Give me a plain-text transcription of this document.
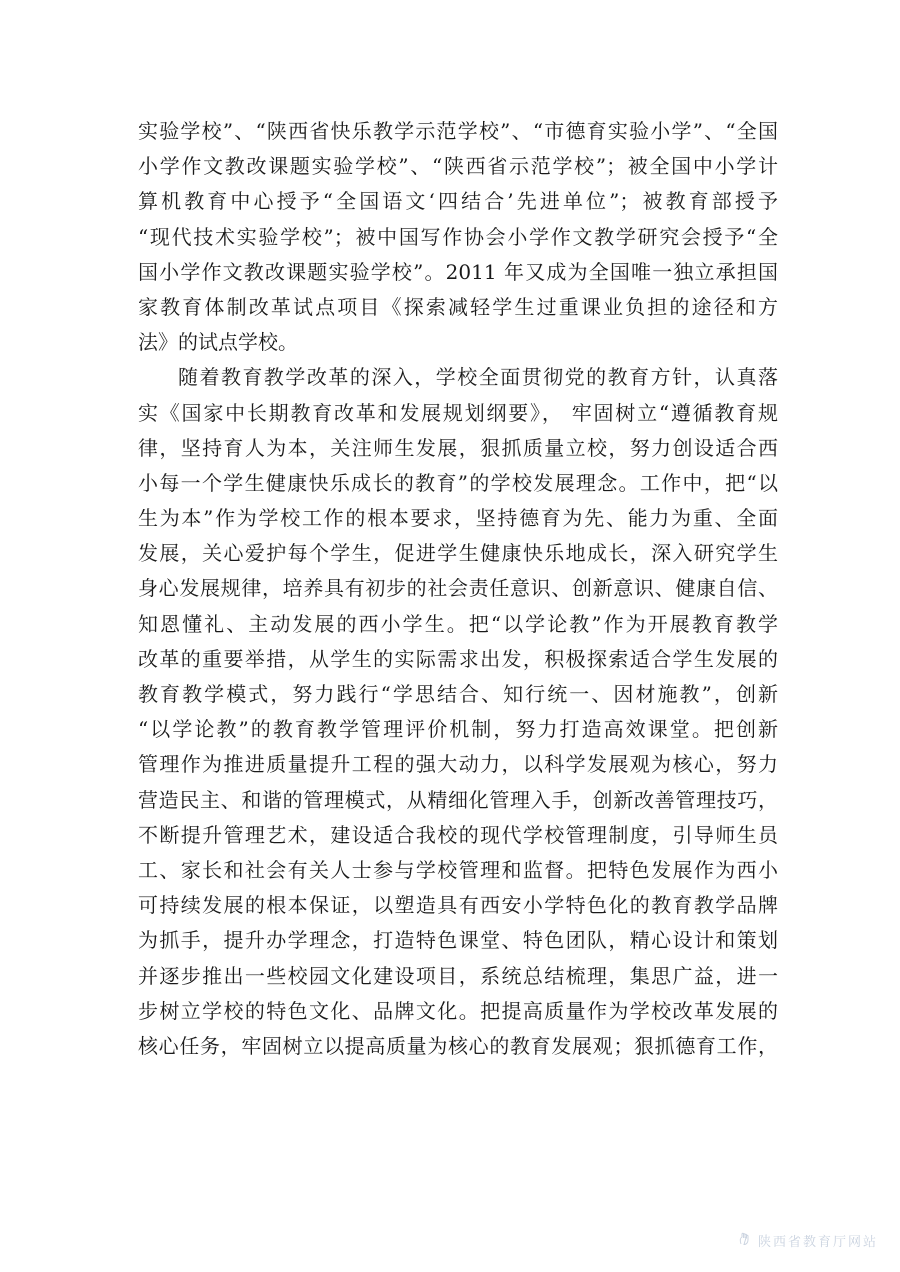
实验学校”、“陕西省快乐教学示范学校”、“市德育实验小学”、“全国
小学作文教改课题实验学校”、“陕西省示范学校”；被全国中小学计
算机教育中心授予“全国语文‘四结合’先进单位”；被教育部授予
“现代技术实验学校”；被中国写作协会小学作文教学研究会授予“全
国小学作文教改课题实验学校”。2011 年又成为全国唯一独立承担国
家教育体制改革试点项目《探索减轻学生过重课业负担的途径和方
法》的试点学校。
随着教育教学改革的深入，学校全面贯彻党的教育方针，认真落
实《国家中长期教育改革和发展规划纲要》， 牢固树立“遵循教育规
律，坚持育人为本，关注师生发展，狠抓质量立校，努力创设适合西
小每一个学生健康快乐成长的教育”的学校发展理念。工作中，把“以
生为本”作为学校工作的根本要求，坚持德育为先、能力为重、全面
发展，关心爱护每个学生，促进学生健康快乐地成长，深入研究学生
身心发展规律，培养具有初步的社会责任意识、创新意识、健康自信、
知恩懂礼、主动发展的西小学生。把“以学论教”作为开展教育教学
改革的重要举措，从学生的实际需求出发，积极探索适合学生发展的
教育教学模式，努力践行“学思结合、知行统一、因材施教”，创新
“以学论教”的教育教学管理评价机制，努力打造高效课堂。把创新
管理作为推进质量提升工程的强大动力，以科学发展观为核心，努力
营造民主、和谐的管理模式，从精细化管理入手，创新改善管理技巧，
不断提升管理艺术，建设适合我校的现代学校管理制度，引导师生员
工、家长和社会有关人士参与学校管理和监督。把特色发展作为西小
可持续发展的根本保证，以塑造具有西安小学特色化的教育教学品牌
为抓手，提升办学理念，打造特色课堂、特色团队，精心设计和策划
并逐步推出一些校园文化建设项目，系统总结梳理，集思广益，进一
步树立学校的特色文化、品牌文化。把提高质量作为学校改革发展的
核心任务，牢固树立以提高质量为核心的教育发展观；狠抓德育工作，
陕西省教育厅网站
